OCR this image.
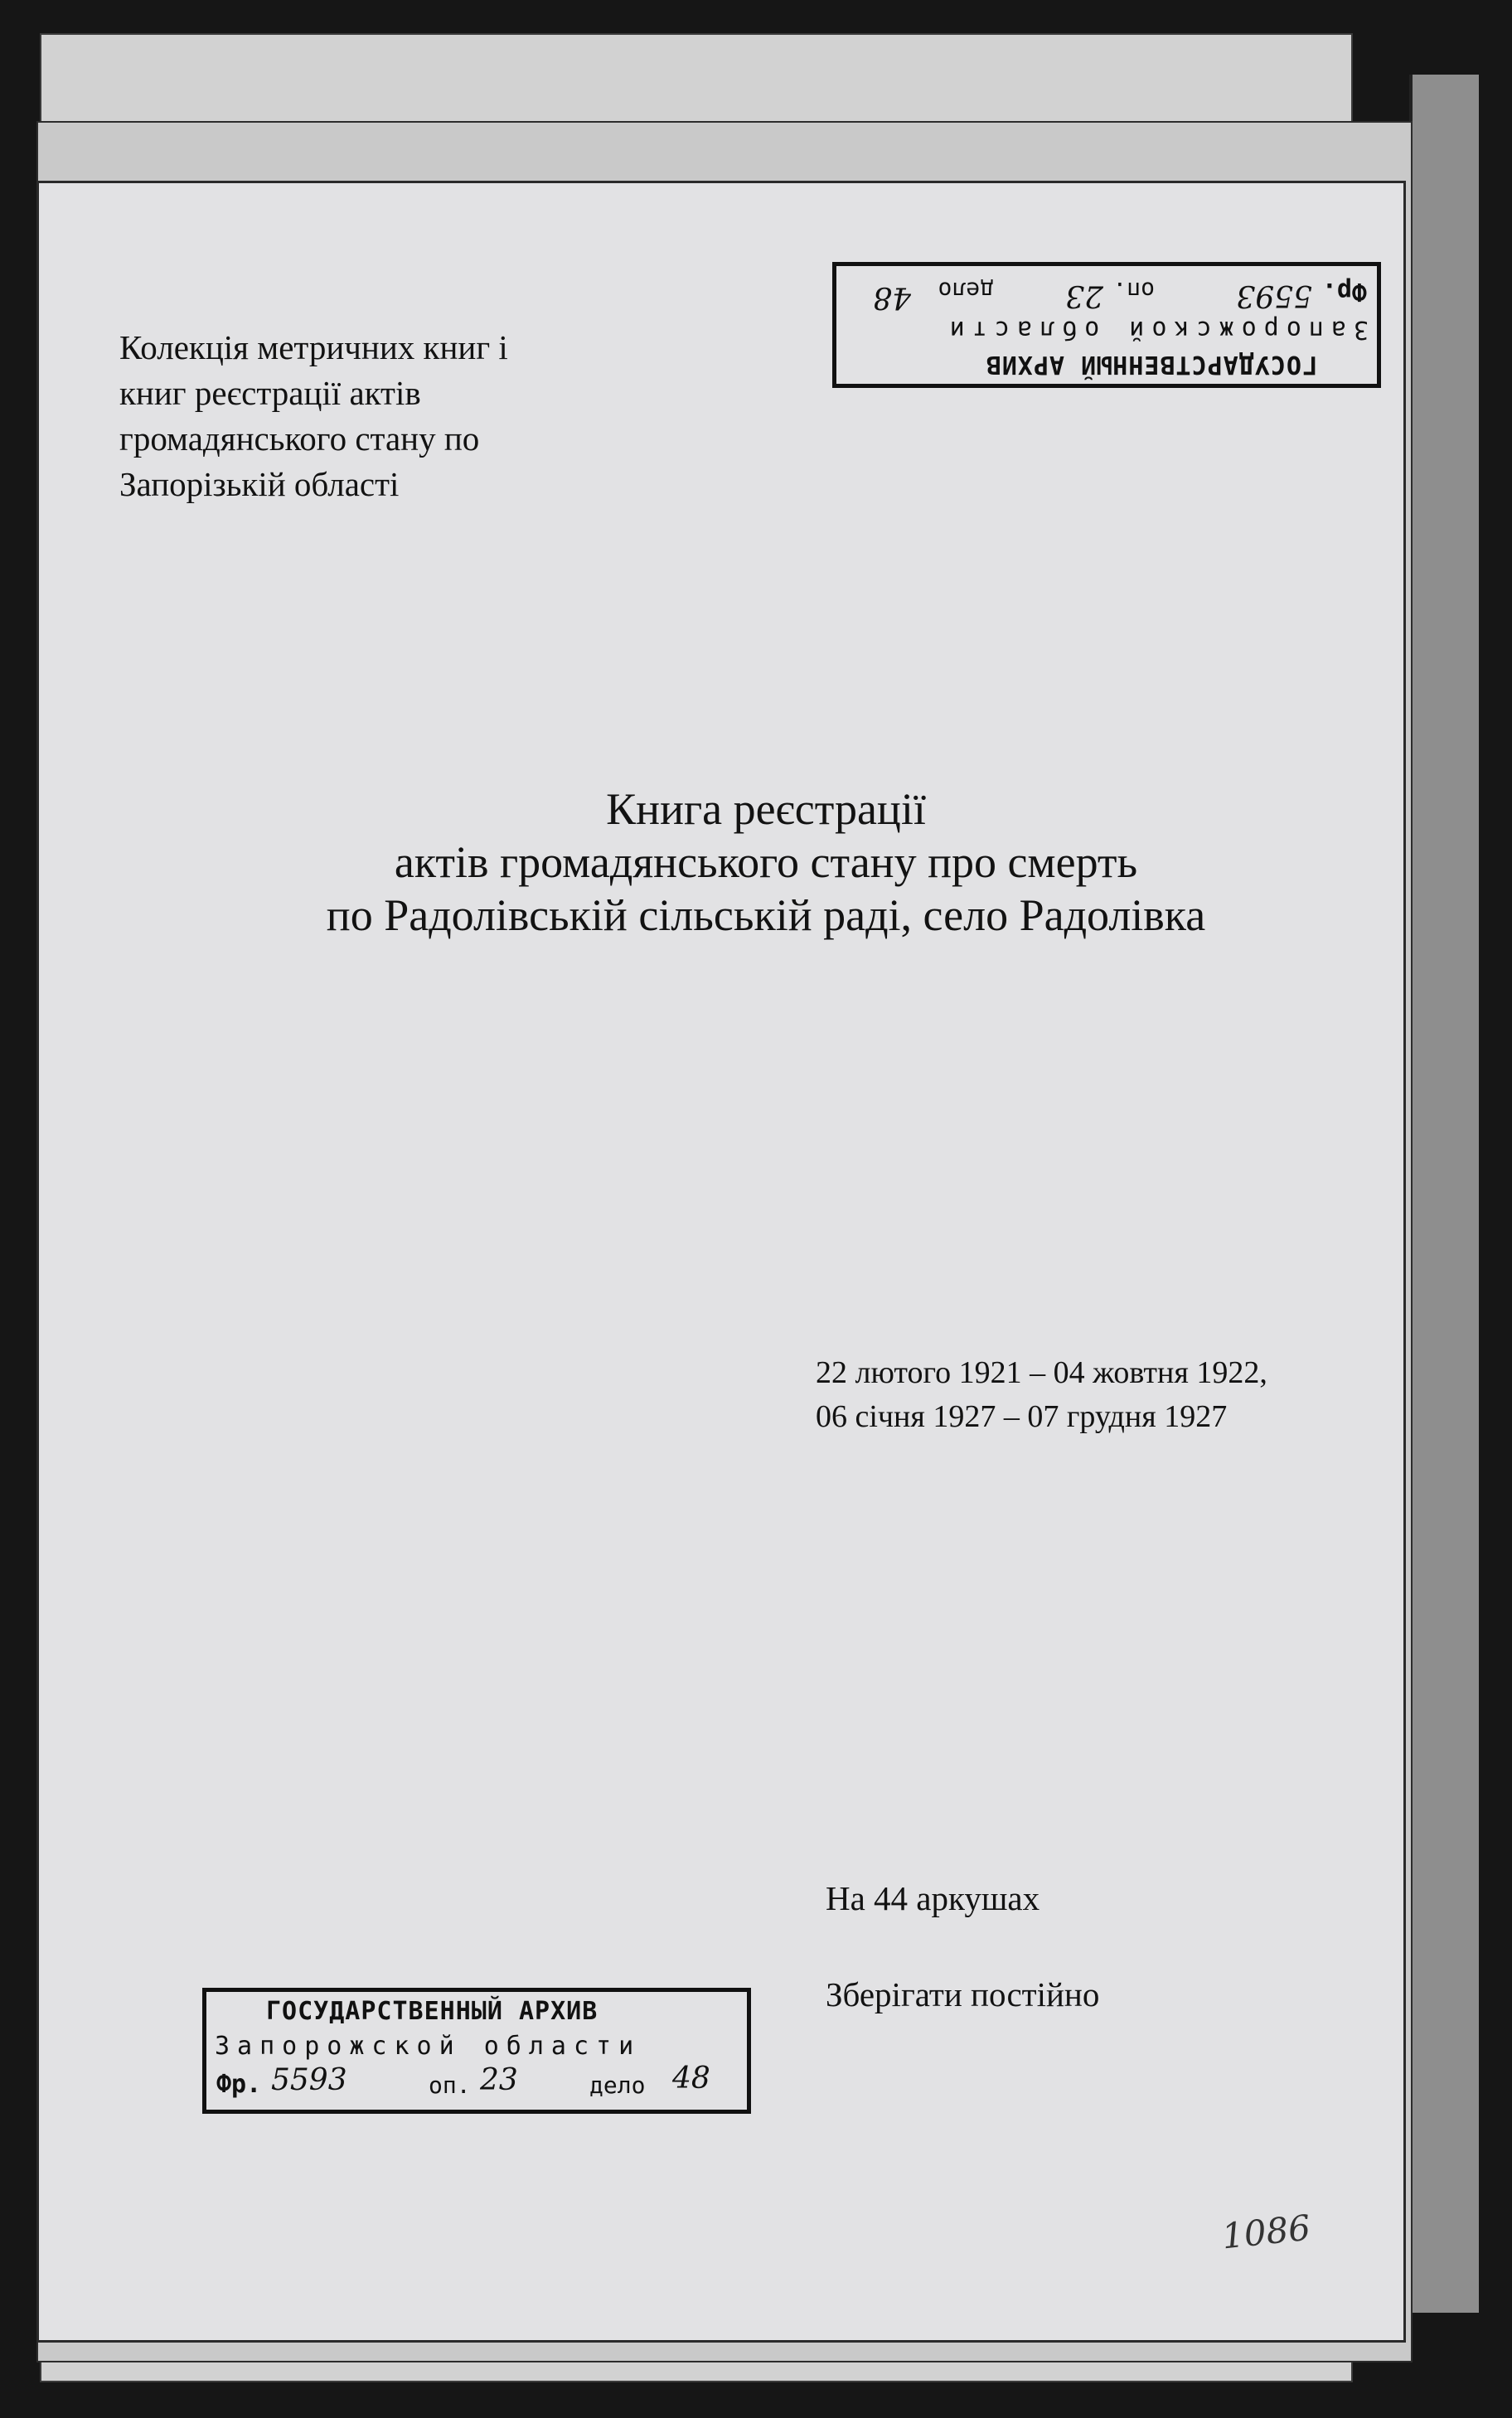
Колекція метричних книг і
книг реєстрації актів
громадянського стану по
Запорізькій області
ГОСУДАРСТВЕННЫЙ АРХИВ
Запорожской области
Фр.
5593
оп.
23
дело
48
Книга реєстрації
актів громадянського стану про смерть
по Радолівській сільській раді, село Радолівка
22 лютого 1921 – 04 жовтня 1922,
06 січня 1927 – 07 грудня 1927
На 44 аркушах
Зберігати постійно
ГОСУДАРСТВЕННЫЙ АРХИВ
Запорожской области
Фр. 5593	оп. 23	дело 48
1086
